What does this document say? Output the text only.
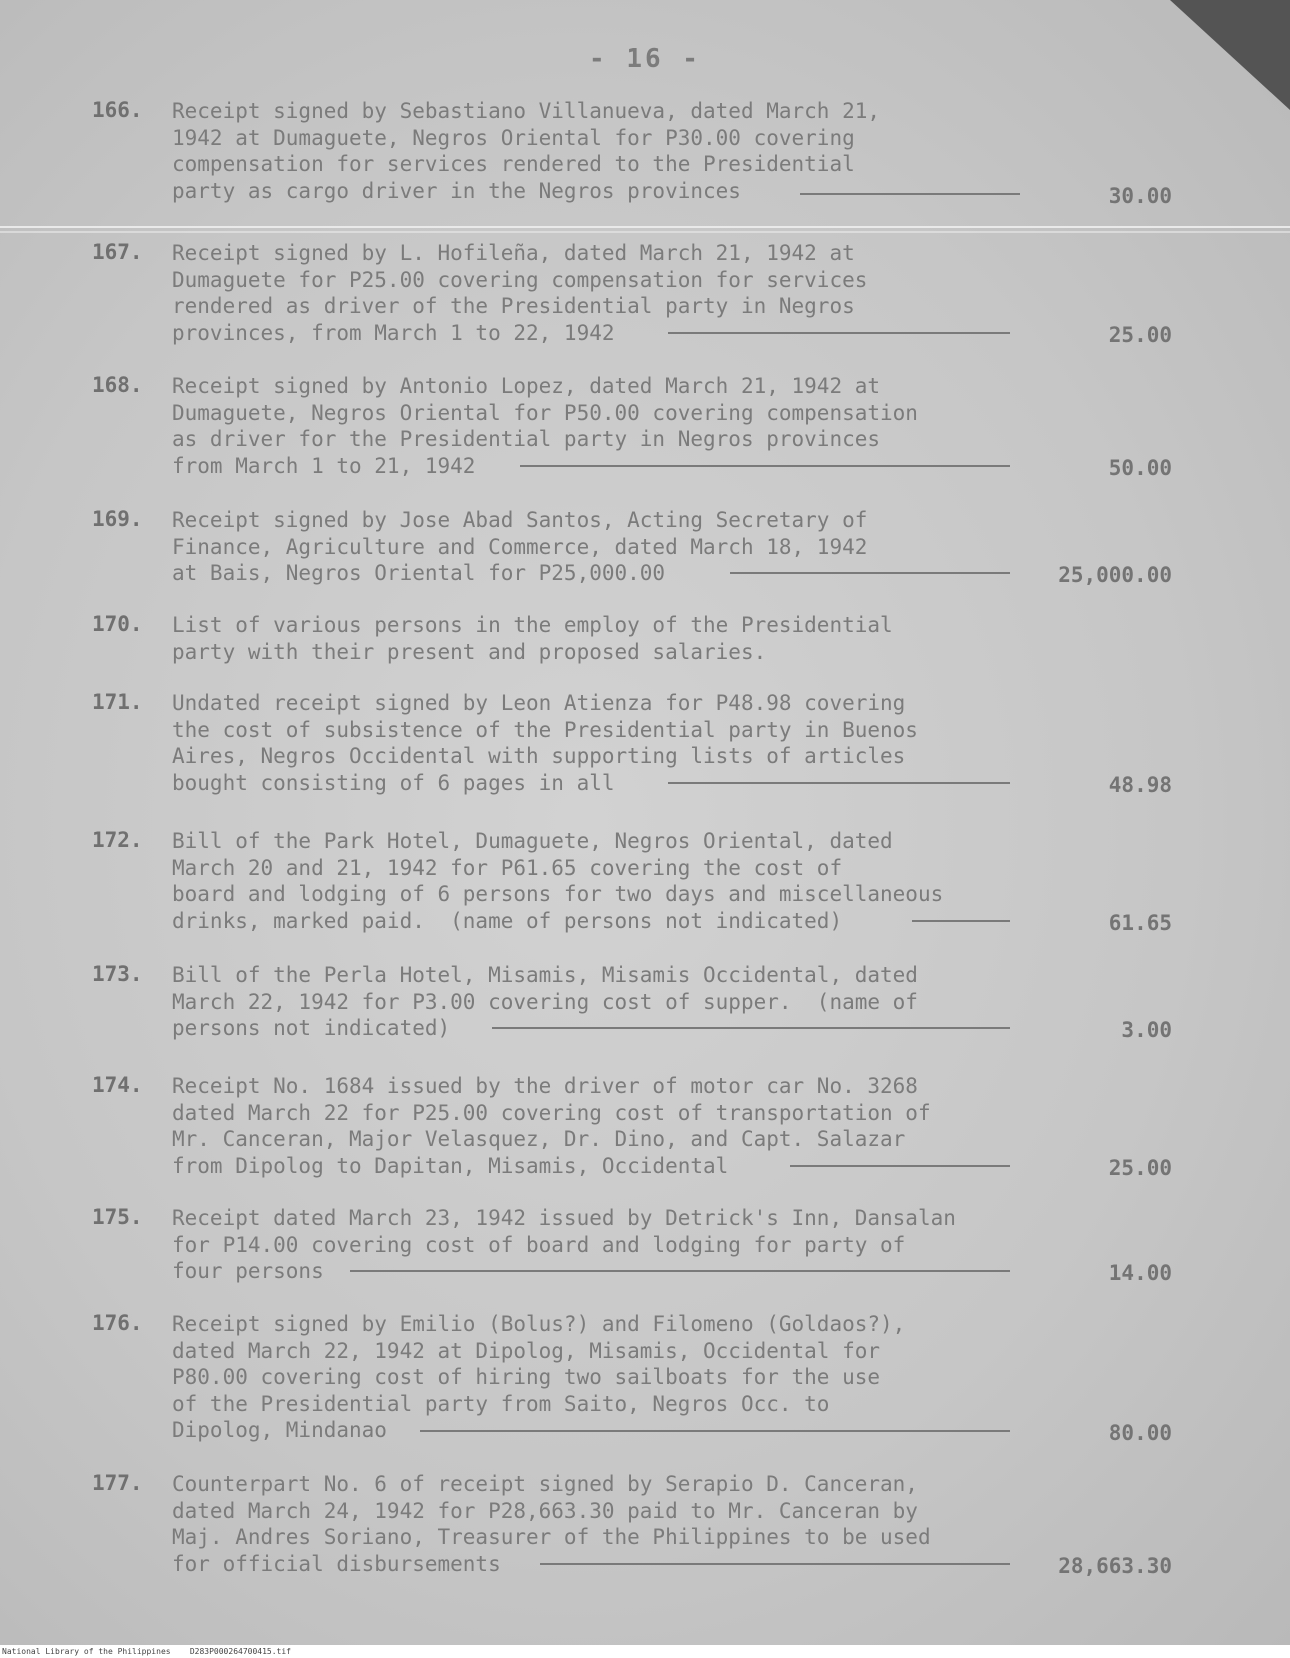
- 16 -
166. Receipt signed by Sebastiano Villanueva, dated March 21,
1942 at Dumaguete, Negros Oriental for P30.00 covering
compensation for services rendered to the Presidential
party as cargo driver in the Negros provinces	30.00
167. Receipt signed by L. Hofileña, dated March 21, 1942 at
Dumaguete for P25.00 covering compensation for services
rendered as driver of the Presidential party in Negros
provinces, from March 1 to 22, 1942	25.00
168. Receipt signed by Antonio Lopez, dated March 21, 1942 at
Dumaguete, Negros Oriental for P50.00 covering compensation
as driver for the Presidential party in Negros provinces
from March 1 to 21, 1942	50.00
169. Receipt signed by Jose Abad Santos, Acting Secretary of
Finance, Agriculture and Commerce, dated March 18, 1942
at Bais, Negros Oriental for P25,000.00	25,000.00
170. List of various persons in the employ of the Presidential
party with their present and proposed salaries.
171. Undated receipt signed by Leon Atienza for P48.98 covering
the cost of subsistence of the Presidential party in Buenos
Aires, Negros Occidental with supporting lists of articles
bought consisting of 6 pages in all	48.98
172. Bill of the Park Hotel, Dumaguete, Negros Oriental, dated
March 20 and 21, 1942 for P61.65 covering the cost of
board and lodging of 6 persons for two days and miscellaneous
drinks, marked paid.  (name of persons not indicated)	61.65
173. Bill of the Perla Hotel, Misamis, Misamis Occidental, dated
March 22, 1942 for P3.00 covering cost of supper.  (name of
persons not indicated)	3.00
174. Receipt No. 1684 issued by the driver of motor car No. 3268
dated March 22 for P25.00 covering cost of transportation of
Mr. Canceran, Major Velasquez, Dr. Dino, and Capt. Salazar
from Dipolog to Dapitan, Misamis, Occidental	25.00
175. Receipt dated March 23, 1942 issued by Detrick's Inn, Dansalan
for P14.00 covering cost of board and lodging for party of
four persons	14.00
176. Receipt signed by Emilio (Bolus?) and Filomeno (Goldaos?),
dated March 22, 1942 at Dipolog, Misamis, Occidental for
P80.00 covering cost of hiring two sailboats for the use
of the Presidential party from Saito, Negros Occ. to
Dipolog, Mindanao	80.00
177. Counterpart No. 6 of receipt signed by Serapio D. Canceran,
dated March 24, 1942 for P28,663.30 paid to Mr. Canceran by
Maj. Andres Soriano, Treasurer of the Philippines to be used
for official disbursements	28,663.30
National Library of the Philippines    D283P000264700415.tif
